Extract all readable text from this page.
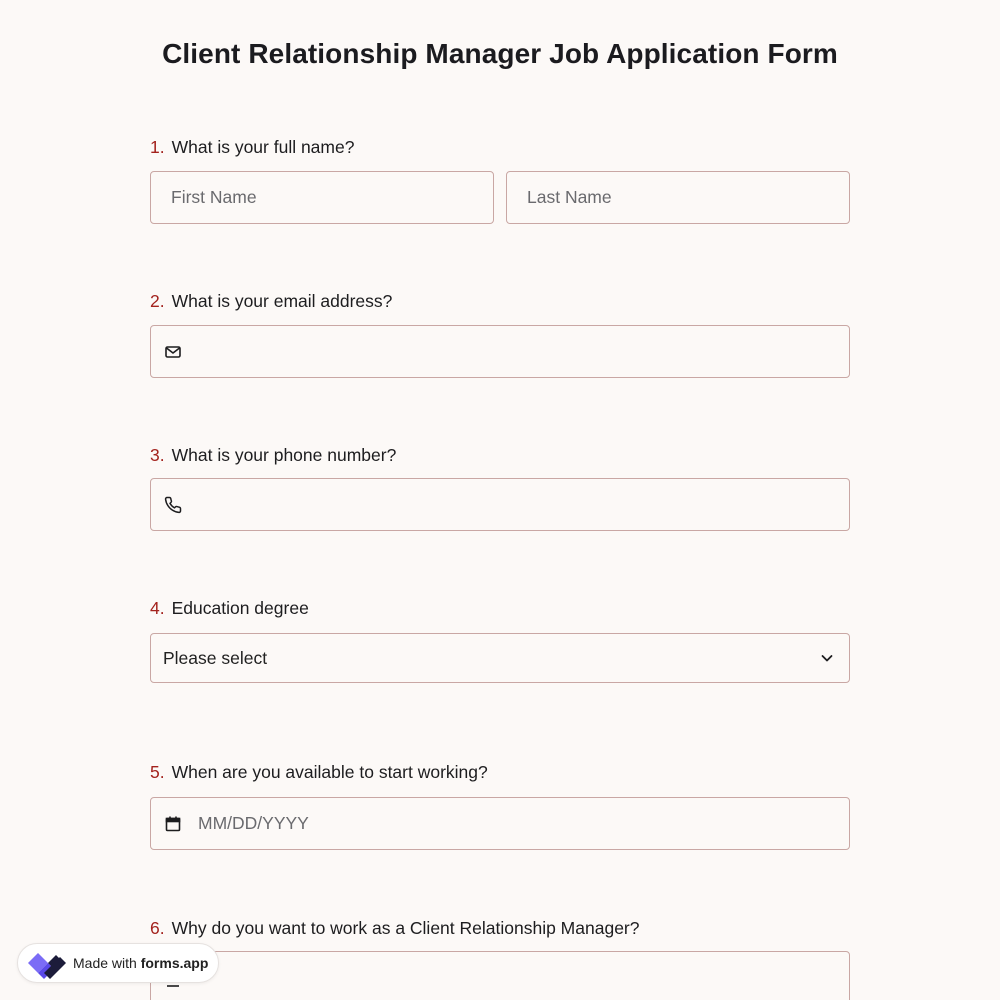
Client Relationship Manager Job Application Form
1. What is your full name?
First Name	Last Name
2. What is your email address?
3. What is your phone number?
4. Education degree
Please select
5. When are you available to start working?
MM/DD/YYYY
6. Why do you want to work as a Client Relationship Manager?
Made with forms.app
